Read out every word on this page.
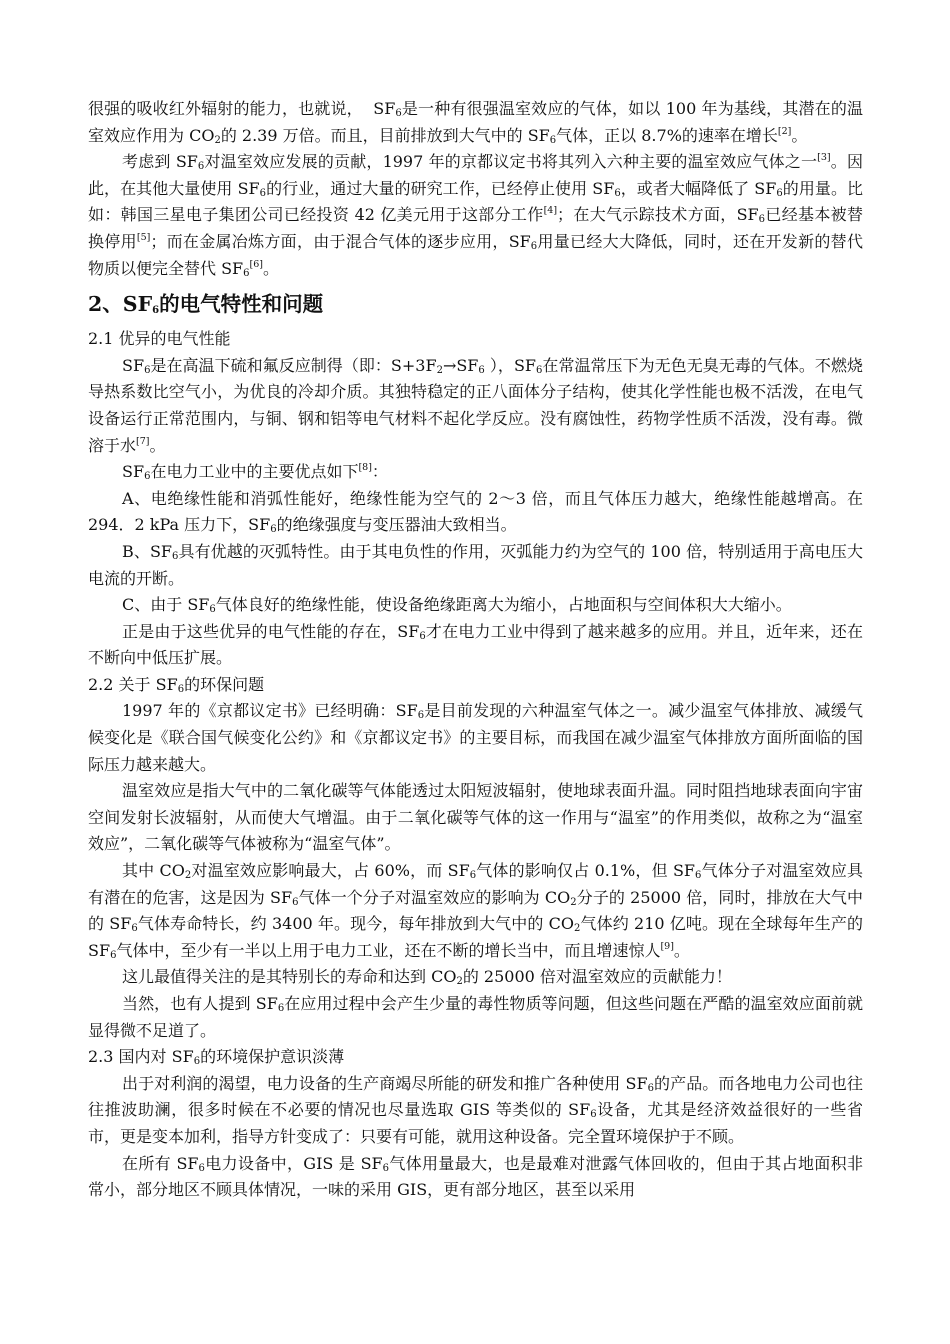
很强的吸收红外辐射的能力，也就说，  $SF_6$是一种有很强温室效应的气体，如以 100 年为基线，其潜在的温室效应作用为 $CO_2$的 2.39 万倍。而且，目前排放到大气中的 $SF_6$气体，正以 8.7%的速率在增长[2]。
考虑到 $SF_6$对温室效应发展的贡献，1997 年的京都议定书将其列入六种主要的温室效应气体之一[3]。因此，在其他大量使用 $SF_6$的行业，通过大量的研究工作，已经停止使用 $SF_6$，或者大幅降低了 $SF_6$的用量。比如：韩国三星电子集团公司已经投资 42 亿美元用于这部分工作[4]；在大气示踪技术方面，$SF_6$已经基本被替换停用[5]；而在金属冶炼方面，由于混合气体的逐步应用，$SF_6$用量已经大大降低，同时，还在开发新的替代物质以便完全替代 $SF_6[6]$。
2、$SF_6$的电气特性和问题
2.1 优异的电气性能
$SF_6$是在高温下硫和氟反应制得（即：$S+3F_2\to SF_6$ ），$SF_6$在常温常压下为无色无臭无毒的气体。不燃烧导热系数比空气小，为优良的冷却介质。其独特稳定的正八面体分子结构，使其化学性能也极不活泼，在电气设备运行正常范围内，与铜、钢和铝等电气材料不起化学反应。没有腐蚀性，药物学性质不活泼，没有毒。微溶于水[7]。
$SF_6$在电力工业中的主要优点如下[8]：
A、电绝缘性能和消弧性能好，绝缘性能为空气的 2～3 倍，而且气体压力越大，绝缘性能越增高。在 294．2 kPa 压力下，$SF_6$的绝缘强度与变压器油大致相当。
B、$SF_6$具有优越的灭弧特性。由于其电负性的作用，灭弧能力约为空气的 100 倍，特别适用于高电压大电流的开断。
C、由于 $SF_6$气体良好的绝缘性能，使设备绝缘距离大为缩小，占地面积与空间体积大大缩小。
正是由于这些优异的电气性能的存在，$SF_6$才在电力工业中得到了越来越多的应用。并且，近年来，还在不断向中低压扩展。
2.2 关于 $SF_6$的环保问题
1997 年的《京都议定书》已经明确：$SF_6$是目前发现的六种温室气体之一。减少温室气体排放、减缓气候变化是《联合国气候变化公约》和《京都议定书》的主要目标，而我国在减少温室气体排放方面所面临的国际压力越来越大。
温室效应是指大气中的二氧化碳等气体能透过太阳短波辐射，使地球表面升温。同时阻挡地球表面向宇宙空间发射长波辐射，从而使大气增温。由于二氧化碳等气体的这一作用与“温室”的作用类似，故称之为“温室效应”，二氧化碳等气体被称为“温室气体”。
其中 $CO_2$对温室效应影响最大，占 60%，而 $SF_6$气体的影响仅占 0.1%，但 $SF_6$气体分子对温室效应具有潜在的危害，这是因为 $SF_6$气体一个分子对温室效应的影响为 $CO_2$分子的 25000 倍，同时，排放在大气中的 $SF_6$气体寿命特长，约 3400 年。现今，每年排放到大气中的 $CO_2$气体约 210 亿吨。现在全球每年生产的 $SF_6$气体中，至少有一半以上用于电力工业，还在不断的增长当中，而且增速惊人[9]。
这儿最值得关注的是其特别长的寿命和达到 $CO_2$的 25000 倍对温室效应的贡献能力！
当然，也有人提到 $SF_6$在应用过程中会产生少量的毒性物质等问题，但这些问题在严酷的温室效应面前就显得微不足道了。
2.3 国内对 $SF_6$的环境保护意识淡薄
出于对利润的渴望，电力设备的生产商竭尽所能的研发和推广各种使用 $SF_6$的产品。而各地电力公司也往往推波助澜，很多时候在不必要的情况也尽量选取 GIS 等类似的 $SF_6$设备，尤其是经济效益很好的一些省市，更是变本加利，指导方针变成了：只要有可能，就用这种设备。完全置环境保护于不顾。
在所有 $SF_6$电力设备中，GIS 是 $SF_6$气体用量最大，也是最难对泄露气体回收的，但由于其占地面积非常小，部分地区不顾具体情况，一味的采用 GIS，更有部分地区，甚至以采用
